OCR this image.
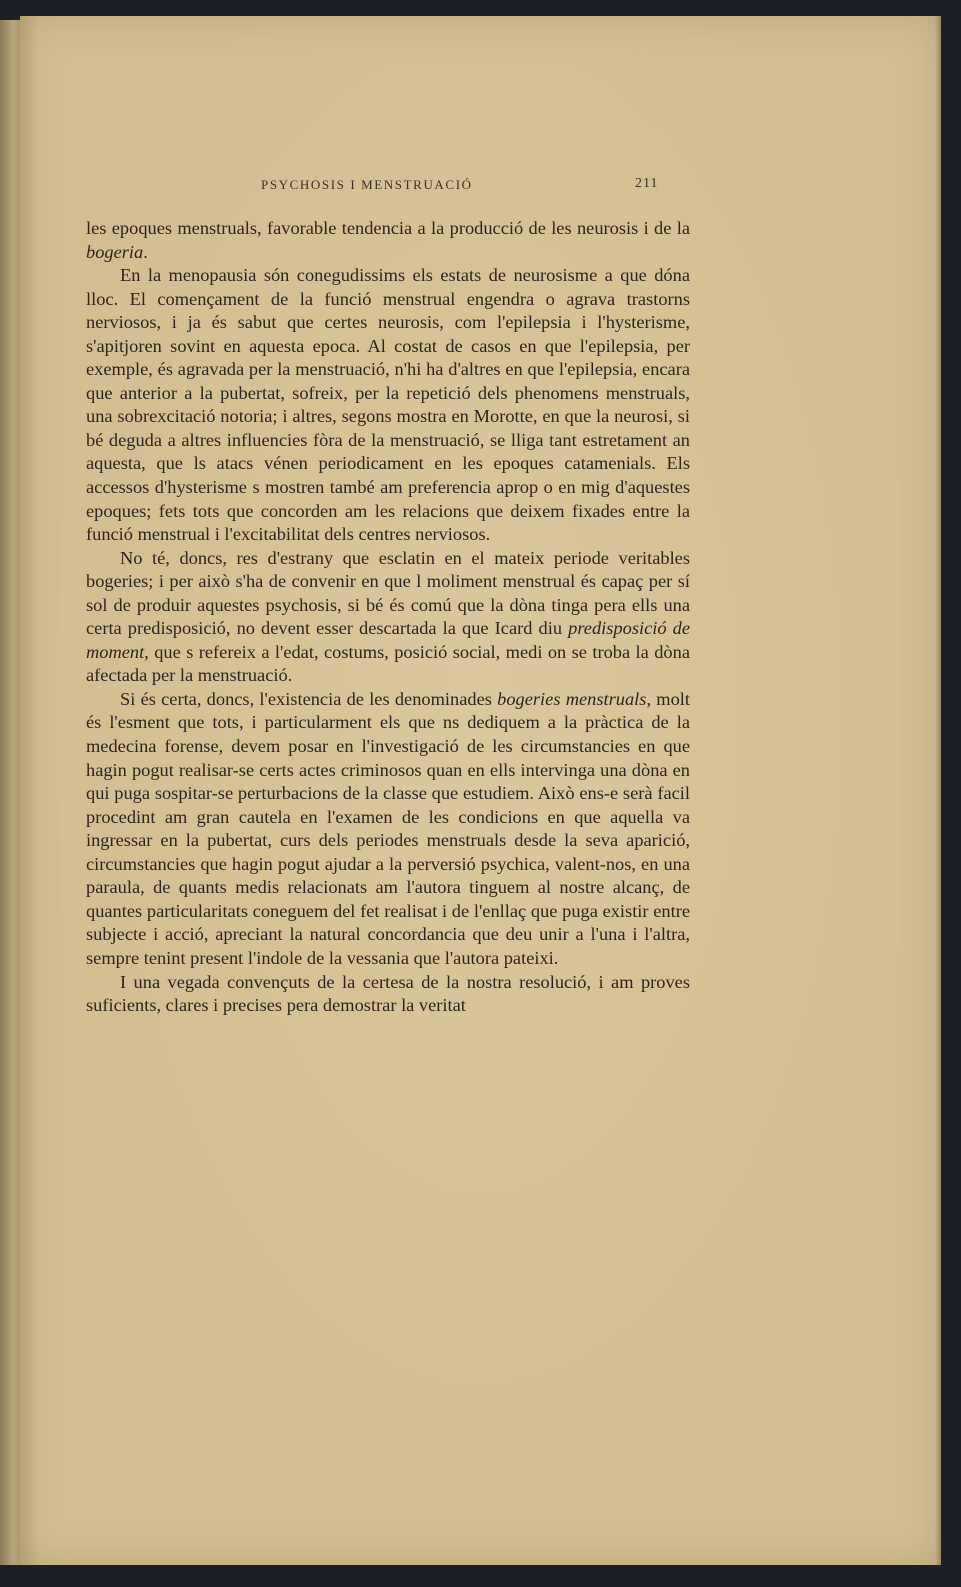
PSYCHOSIS I MENSTRUACIÓ	211

les epoques menstruals, favorable tendencia a la producció de les neurosis i de la bogeria.

En la menopausia són conegudissims els estats de neurosisme a que dóna lloc. El començament de la funció menstrual engendra o agrava trastorns nerviosos, i ja és sabut que certes neurosis, com l'epilepsia i l'hysterisme, s'apitjoren sovint en aquesta epoca. Al costat de casos en que l'epilepsia, per exemple, és agravada per la menstruació, n'hi ha d'altres en que l'epilepsia, encara que anterior a la pubertat, sofreix, per la repetició dels phenomens menstruals, una sobrexcitació notoria; i altres, segons mostra en Morotte, en que la neurosi, si bé deguda a altres influencies fòra de la menstruació, se lliga tant estretament an aquesta, que ls atacs vénen periodicament en les epoques catamenials. Els accessos d'hysterisme s mostren també am preferencia aprop o en mig d'aquestes epoques; fets tots que concorden am les relacions que deixem fixades entre la funció menstrual i l'excitabilitat dels centres nerviosos.

No té, doncs, res d'estrany que esclatin en el mateix periode veritables bogeries; i per això s'ha de convenir en que l moliment menstrual és capaç per sí sol de produir aquestes psychosis, si bé és comú que la dòna tinga pera ells una certa predisposició, no devent esser descartada la que Icard diu predisposició de moment, que s refereix a l'edat, costums, posició social, medi on se troba la dòna afectada per la menstruació.

Si és certa, doncs, l'existencia de les denominades bogeries menstruals, molt és l'esment que tots, i particularment els que ns dediquem a la pràctica de la medecina forense, devem posar en l'investigació de les circumstancies en que hagin pogut realisar-se certs actes criminosos quan en ells intervinga una dòna en qui puga sospitar-se perturbacions de la classe que estudiem. Això ens-e serà facil procedint am gran cautela en l'examen de les condicions en que aquella va ingressar en la pubertat, curs dels periodes menstruals desde la seva aparició, circumstancies que hagin pogut ajudar a la perversió psychica, valent-nos, en una paraula, de quants medis relacionats am l'autora tinguem al nostre alcanç, de quantes particularitats coneguem del fet realisat i de l'enllaç que puga existir entre subjecte i acció, apreciant la natural concordancia que deu unir a l'una i l'altra, sempre tenint present l'indole de la vessania que l'autora pateixi.

I una vegada convençuts de la certesa de la nostra resolució, i am proves suficients, clares i precises pera demostrar la veritat
